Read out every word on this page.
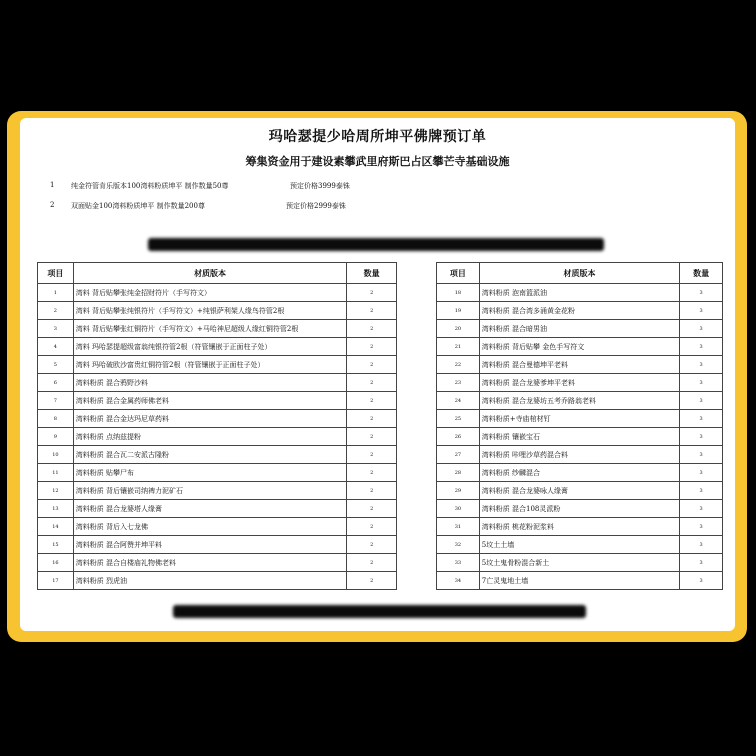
玛哈瑟提少哈周所坤平佛牌预订单
筹集资金用于建设素攀武里府斯巴占区攀芒寺基础设施
1 纯金符管肯乐版本100湾料粉质坤平 制作数量50尊	预定价格3999泰铢
2 双面贴金100湾料粉质坤平 制作数量200尊	预定价格2999泰铢
项目	材质版本	数量
1	湾料 背后贴攀张纯金招财符片（手写符文）	2
2	湾料 背后贴攀张纯银符片（手写符文）+纯银萨利架人缘鸟符管2根	2
3	湾料 背后贴攀张红铜符片（手写符文）+马哈神尼超级人缘红铜符管2根	2
4	湾料 玛哈瑟提超级富翁纯银符管2根（符管镶嵌于正面柱子处）	2
5	湾料 玛哈破欧沙富贵红铜符管2根（符管镶嵌于正面柱子处）	2
6	湾料粉质 混合鸦野沙料	2
7	湾料粉质 混合金属药师佛老料	2
8	湾料粉质 混合金达玛尼草药料	2
9	湾料粉质 点纳兹提粉	2
10	湾料粉质 混合瓦二安派古隆粉	2
11	湾料粉质 贴攀尸布	2
12	湾料粉质 背后镶嵌司纳裨力泥矿石	2
13	湾料粉质 混合龙婆塔人缘膏	2
14	湾料粉质 背后入七龙佛	2
15	湾料粉质 混合阿赞并坤平料	2
16	湾料粉质 混合自楼庙礼物佛老料	2
17	湾料粉质 烈虎油	2
项目	材质版本	数量
18	湾料粉质 泡南篮派油	3
19	湾料粉质 混合湾多涌黄金花粉	3
20	湾料粉质 混合暗男油	3
21	湾料粉质 背后贴攀 金色手写符文	3
22	湾料粉质 混合曼德坤平老料	3
23	湾料粉质 混合龙婆爹坤平老料	3
24	湾料粉质 混合龙婆坊五考乔路翁老料	3
25	湾料粉质+寺庙棺材钉	3
26	湾料粉质 镶嵌宝石	3
27	湾料粉质 咔哩沙草药混合料	3
28	湾料粉质 纱麟混合	3
29	湾料粉质 混合龙婆咏人缘膏	3
30	湾料粉质 混合108灵派粉	3
31	湾料粉质 桃花粉泥浆料	3
32	5坟土土墙	3
33	5坟土鬼骨粉混合新土	3
34	7亡灵鬼地土墙	3
